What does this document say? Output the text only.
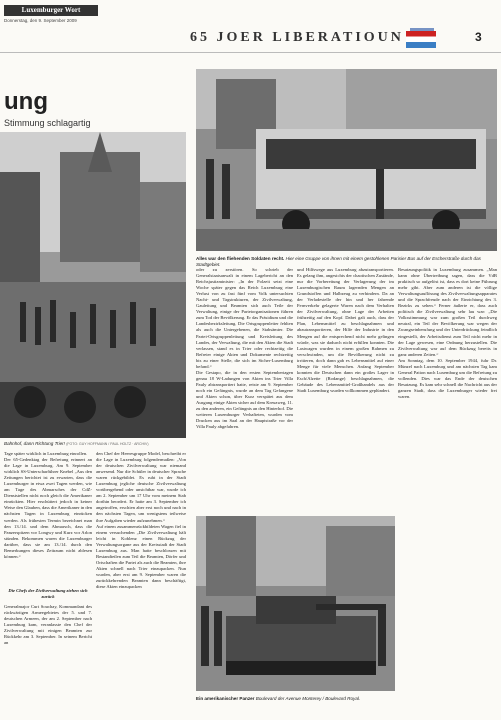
Luxemburger Wort
Donnerstag, den 9. September 2009
65 JOER LIBERATIOUN	3
ung
Stimmung schlagartig
Bahnhof, dann Richtung Trier! (FOTO: GUY HOFFMANN / PAUL HOLTZ · ARCHIV)
Alles war den fliehenden Soldaten recht. Hier eine Gruppe von ihnen mit einem gestohlenen Parisier Bus auf der Escherstraße durch das Stadtgebiet.
Tage später wirklich in Luxemburg einrollen.
Der 65-Gedenktag der Befreiung erinnert an die Lage in Luxemburg. Am 9. September wirklich SS-Unterscharführer Knebel „Aus den Zeitungen berichtet ist zu erwarten, dass die Luxemburger in etwa zwei Tagen werden, wie am Tage des Abmarsches der CdZ-Dienststellen nicht noch gleich die Amerikaner einrückten. Hier erschüttert jedoch in keiner Weise den Glauben, dass die Amerikaner in den nächsten Tagen in Luxemburg einrücken werden. Als frühesten Termin bezeichnet man den 13./14. und dem Abmarsch, dass die Panzerspitzen vor Longwy und Kurz vor Arlon stünden. Bekommen waren die Luxemburger darüber, dass sie am 13./14. durch den Bemerkungen dieses Zeitraum nicht ablesen können.“
Die Chefs der Zivilverwaltung ziehen sich zurück
Generalmajor Curt Souchay, Kommandant des rückwärtigen Armeegebietes der 5. und 7. deutschen Armeen, der am 2. September nach Luxemburg kam, veranlasste den Chef der Zivilverwaltung mit einigen Beamten zur Rückkehr am 3. September. In seinem Bericht an
den Chef der Heeresgruppe Model, beschreibt er die Lage in Luxemburg folgendermaßen: „Von der deutschen Zivilverwaltung war niemand anwesend. Nur die Schüler in deutscher Sprache waren rückgebildet. Es ruht in der Stadt Luxemburg jegliche deutsche Zivilverwaltung vorübergehend oder unsichtbar war, wurde ich am 2. September um 17 Uhr vom meinem Stab dorthin beordert. Er hatte am 3. September ich angetroffen, erschien aber erst noch und nach in den nächsten Tagen, um wenigstens teilweise ihre Aufgaben wieder aufzunehmen.“
Auf einem zusammenrückbildeten Wagen fiel in einem versuchenden „Die Zivilverwaltung hält leicht in Koblenz einen Rückzug der Verwaltungsorgane aus der Kreisstadt der Stadt Luxemburg aus. Man hatte beschlossen mit Bestandteilen zum Teil die Beamten, Dörfer und Ortschaften die Partei als auch die Beamten, ihre Akten schnell nach Trier einzupacken. Nun wurden, aber erst am 9. September waren die zurückkehrenden Beamten dann beschäftigt, diese Akten einzupacken
oder zu zerstören. So schrieb der Generalstaatsanwalt in einem Lagebericht an den Reichsjustizminister: „In der Folzeit setzt eine Woche später gegen das Reich Luxemburg eine Verlust von zu fast fünf vom Volk untersuchten Nacht- und Tagstrukturen, der Zivilverwaltung, Gauleitung und Beamten sich auch Teile der Verwaltung, einige der Parteiorganisationen führen zum Tod der Bevölkerung. Er das Präsidium und die Landesbezirksleitung. Die Ortsgruppenleiter fehlten als auch die Untergebenen, die Stabsämter. Die Partei-Ortsgruppenleitung und Kreisleitung des Landes, der Verwaltung, die mit den Akten die Stadt verlassen, stand es in Trier oder rechtzeitig die Befreier einige Akten und Dokumente rechtzeitig bis zu einer Stelle, die sich im Sicher-Luxemburg befand.“
Die Gestapo, die in den ersten Septembertagen genau 18 W-Ladungen von Akten ins Trier Villa Pauly abtransportiert hatte, reiste am 9. September noch ein Gefängnis, wurde an dem Tag Gefangene und Akten schon, über Kurz verspätet aus dem Ausgang einige Akten sicher auf dem Kreuzweg, 11. zu den anderen, ein Gefängnis an den Hinterhof. Die weiteren Luxemburger Verhafteten, wurden vom Drucken aus im Saal an der Hauptstraße vor der Villa Pauly abgefahren.
und Hilfswege aus Luxemburg abzutransportieren. Es gelang ihm, angesichts der chaotischen Zustände, nur die Vorbereitung der Verlagerung der im Luxemburgischen Raum lagernden Mengen an Grundstoffen und Halbzeug zu verhindern. Da an der Verladestelle der hin und her fahrende Fernverkehr gelagerte Waren nach dem Verhalten der Zivilverwaltung, ohne Lage der Arbeiten frühzeitig auf den Kopf. Dabei galt auch, dass der Plan, Lebensmittel zu beschlagnahmen und abzutransportieren, der Hilfe der Industrie in den Mengen auf die entsprechend nicht mehr gelingen würde, was sie dadurch nicht erfüllen konnten. Die Lastwagen wurden in einem großen Rahmen zu verschwinden, um die Bevölkerung nicht zu irritieren, doch dann gab es Lebensmittel auf einer Menge für viele Menschen. Anfang September konnten die Deutschen dann ein großes Lager in Esch/Alzette (Rodange) beschlagnahmen, die Gebäude des Lebensmittel-Großhandels aus der Stadt Luxemburg wurden vollkommen geplündert.
Besatzungspolitik in Luxemburg zusammen. „Man kann ohne Übertreibung sagen, dass die VdB praktisch so aufgelöst ist, dass es dort keine Führung mehr gibt. Aber zum anderen ist die völlige Verwaltungsauflösung des Zivilverwaltungsapparates und die Sprachfreude nach der Einrichtung des 3. Bezirks zu sehen.“ Ferner äußerte er, dass auch politisch die Zivilverwaltung sehr lau war: „Die Volksstimmung war zum großen Teil durchweg neutral, ein Teil der Bevölkerung war wegen der Zwangseinberufung und der Unterdrückung feindlich eingestellt, der Arbeitsdienst zum Teil nicht mehr in der Lage gewesen, eine Ordnung herzustellen. Die Zivilverwaltung war auf dem Rückzug bereits in ganz anderen Zeiten.“
Am Sonntag, dem 10. September 1944, fuhr Dr. Münzel nach Luxemburg und am nächsten Tag kam General Patton nach Luxemburg um die Befreiung zu vollenden. Dies war das Ende der deutschen Besatzung. Es kam sehr schnell die Nachricht aus der ganzen Stadt, dass die Luxemburger wieder frei waren.
Ein amerikanischer Panzer Boulevard der Avenue Monterey / Boulevard Royal.
